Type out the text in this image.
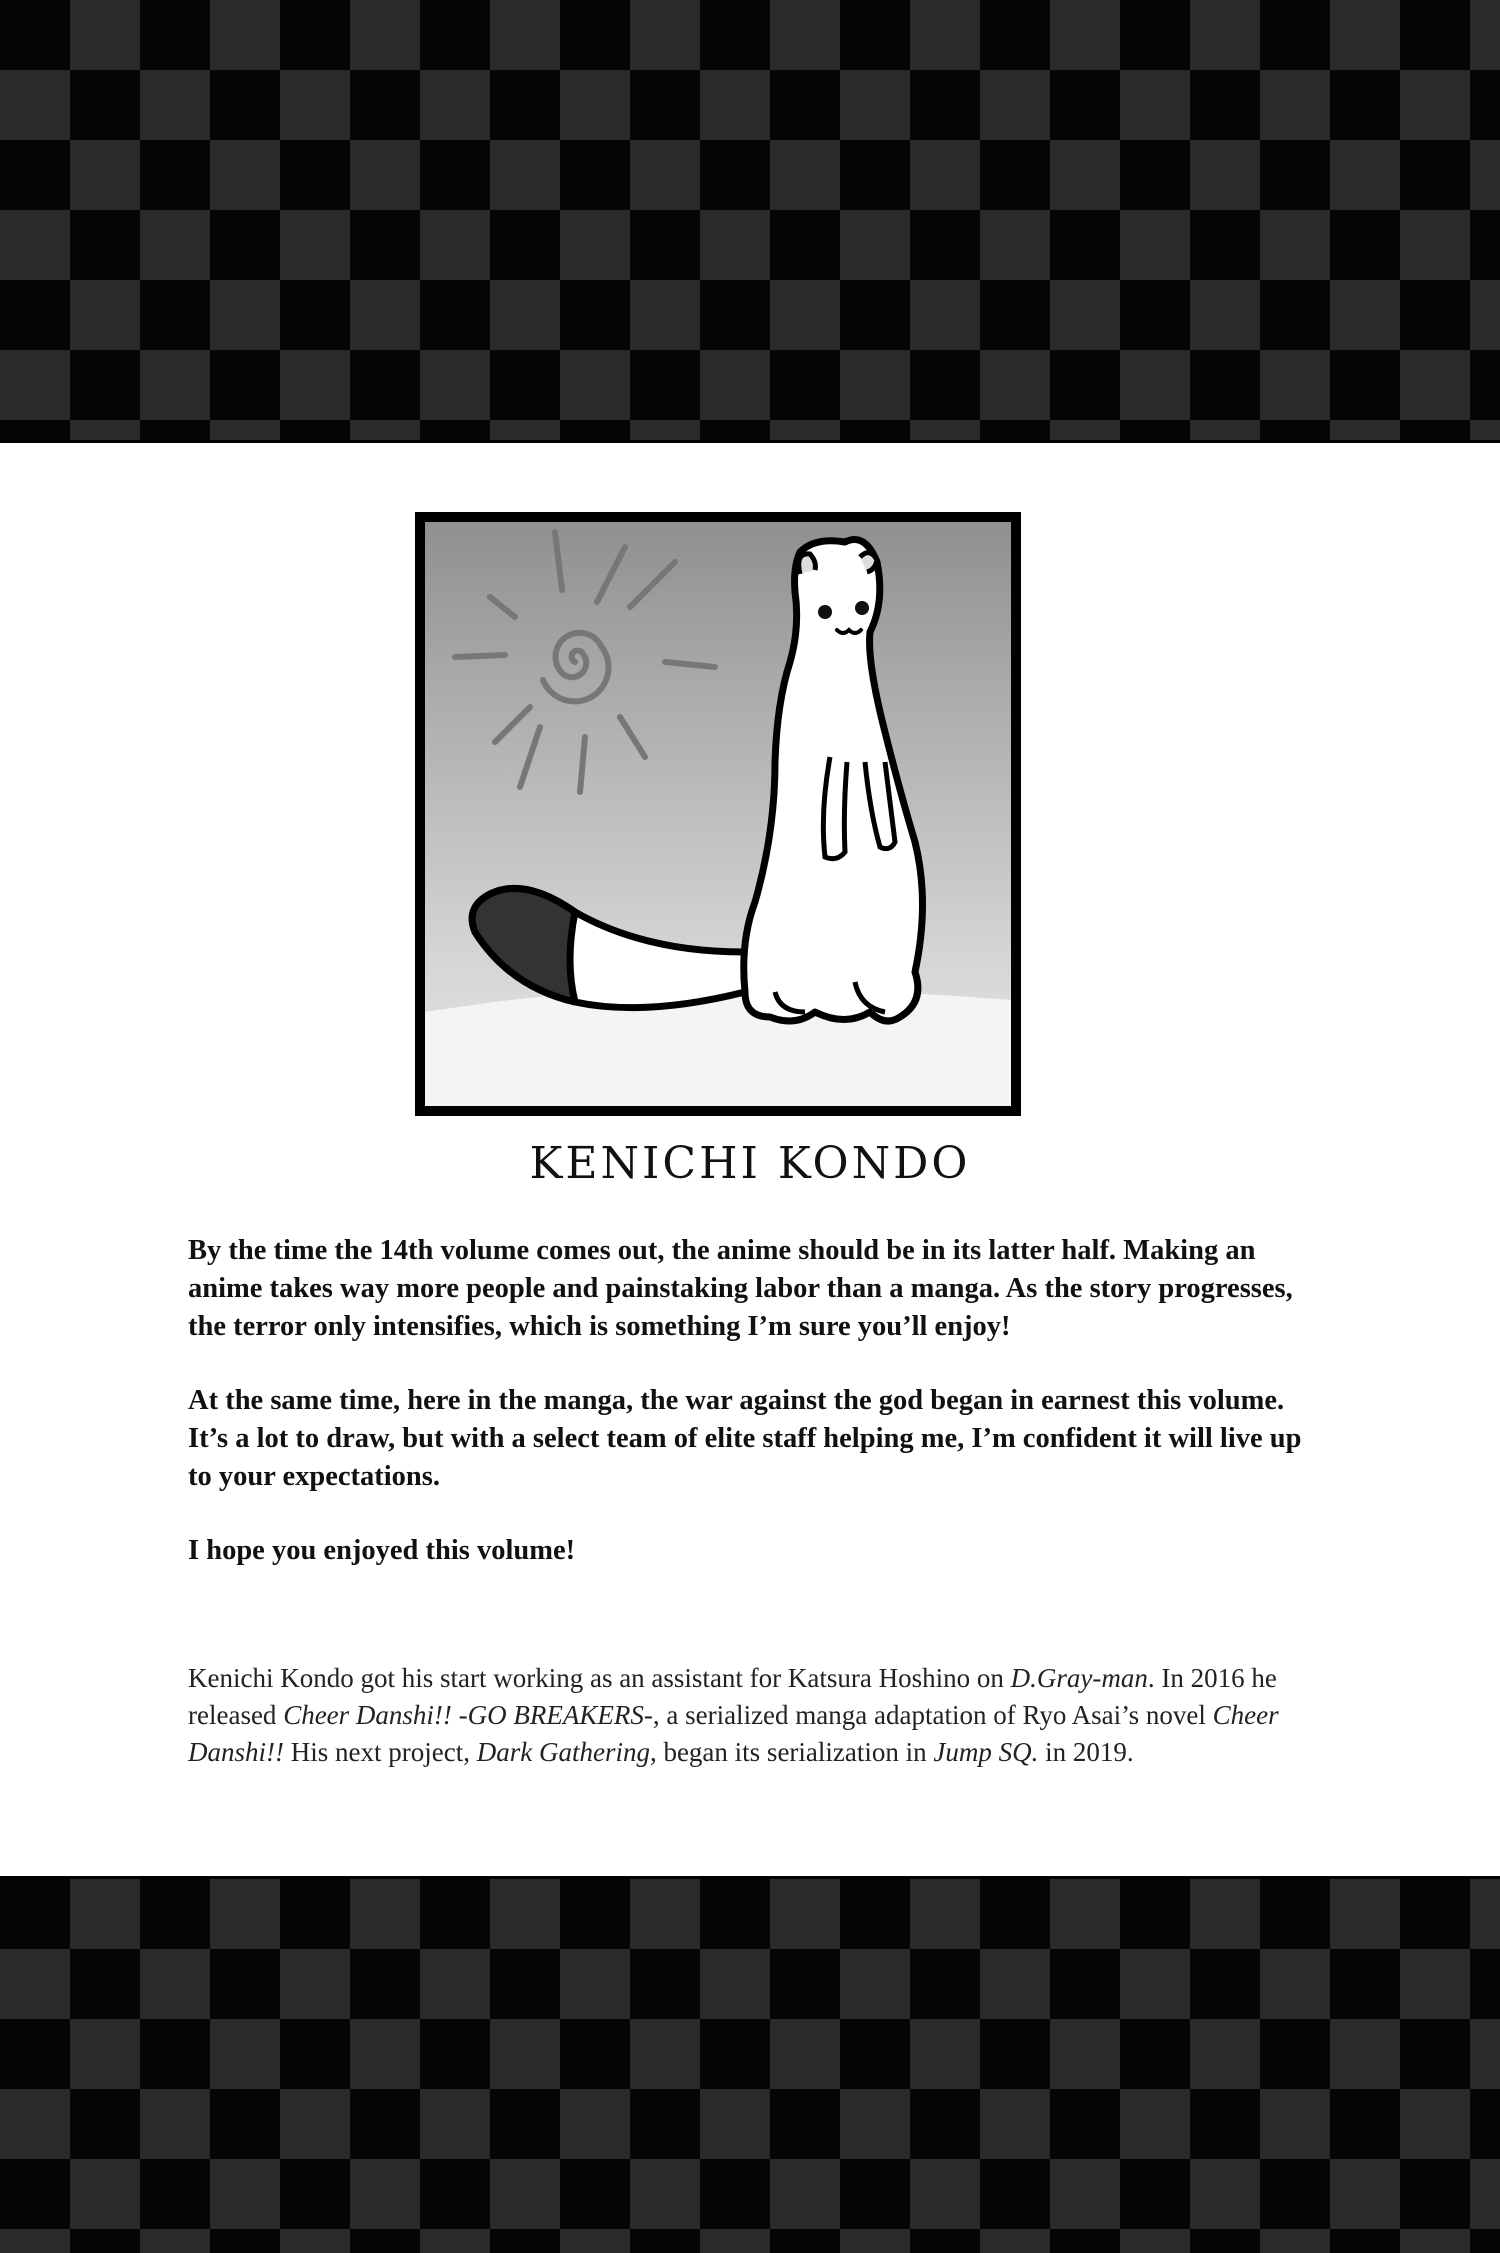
KENICHI KONDO

By the time the 14th volume comes out, the anime should be in its latter half. Making an anime takes way more people and painstaking labor than a manga. As the story progresses, the terror only intensifies, which is something I’m sure you’ll enjoy!

At the same time, here in the manga, the war against the god began in earnest this volume. It’s a lot to draw, but with a select team of elite staff helping me, I’m confident it will live up to your expectations.

I hope you enjoyed this volume!

Kenichi Kondo got his start working as an assistant for Katsura Hoshino on D.Gray-man. In 2016 he released Cheer Danshi!! -GO BREAKERS-, a serialized manga adaptation of Ryo Asai’s novel Cheer Danshi!! His next project, Dark Gathering, began its serialization in Jump SQ. in 2019.
